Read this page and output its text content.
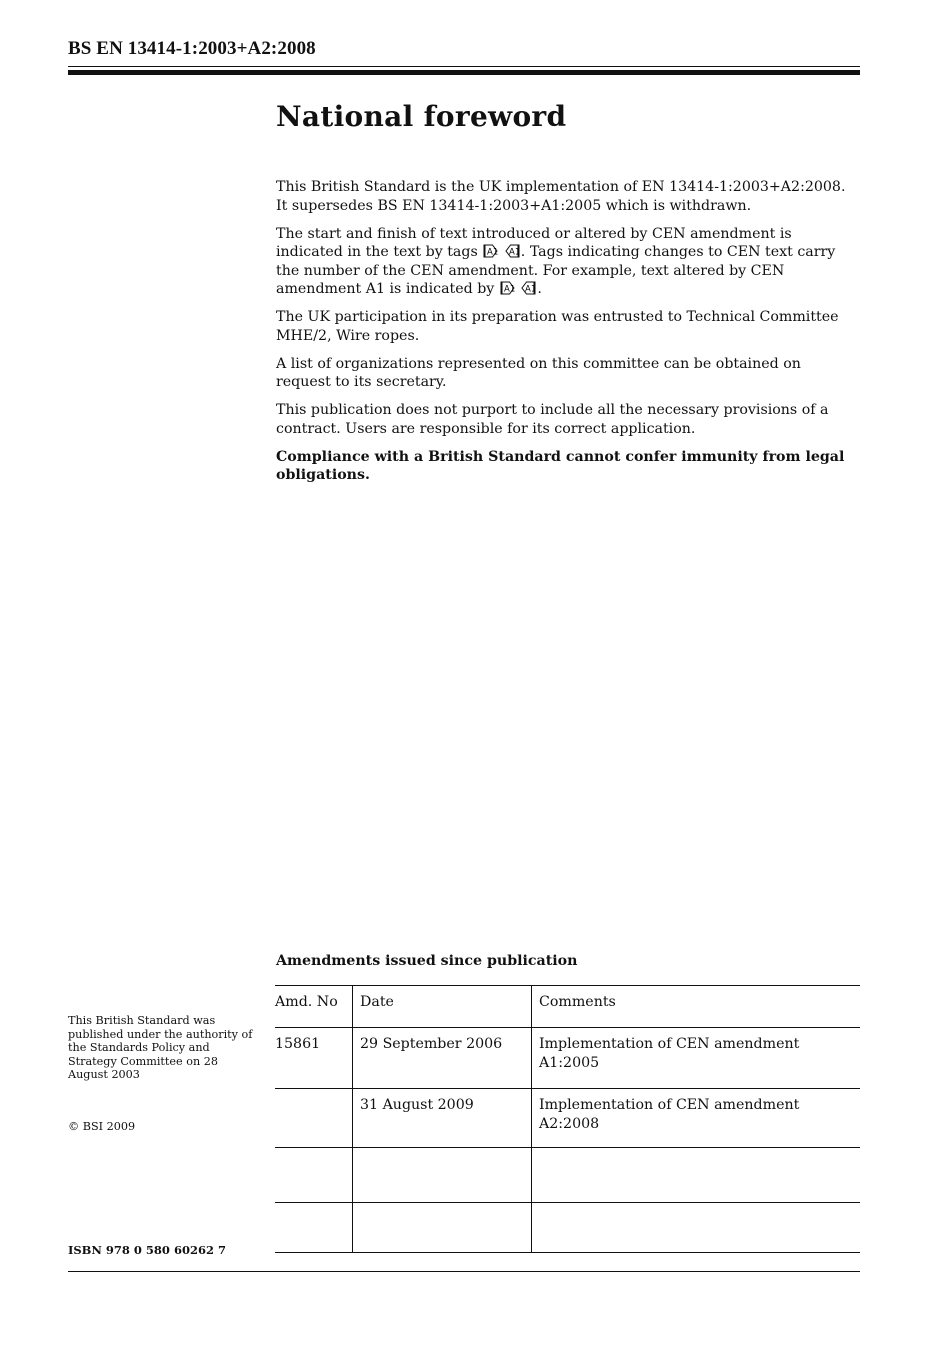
BS EN 13414-1:2003+A2:2008
National foreword

This British Standard is the UK implementation of EN 13414-1:2003+A2:2008. It supersedes BS EN 13414-1:2003+A1:2005 which is withdrawn.

The start and finish of text introduced or altered by CEN amendment is indicated in the text by tags A1
A1 . Tags indicating changes to CEN text carry the number of the CEN amendment. For example, text altered by CEN amendment A1 is indicated by A1
A1 .

The UK participation in its preparation was entrusted to Technical Committee MHE/2, Wire ropes.

A list of organizations represented on this committee can be obtained on request to its secretary.

This publication does not purport to include all the necessary provisions of a contract. Users are responsible for its correct application.

Compliance with a British Standard cannot confer immunity from legal obligations.

This British Standard was published under the authority of the Standards Policy and Strategy Committee on 28 August 2003
© BSI 2009
ISBN 978 0 580 60262 7
Amendments issued since publication
Amd. No	Date	Comments
15861	29 September 2006	Implementation of CEN amendment A1:2005
	31 August 2009	Implementation of CEN amendment A2:2008
